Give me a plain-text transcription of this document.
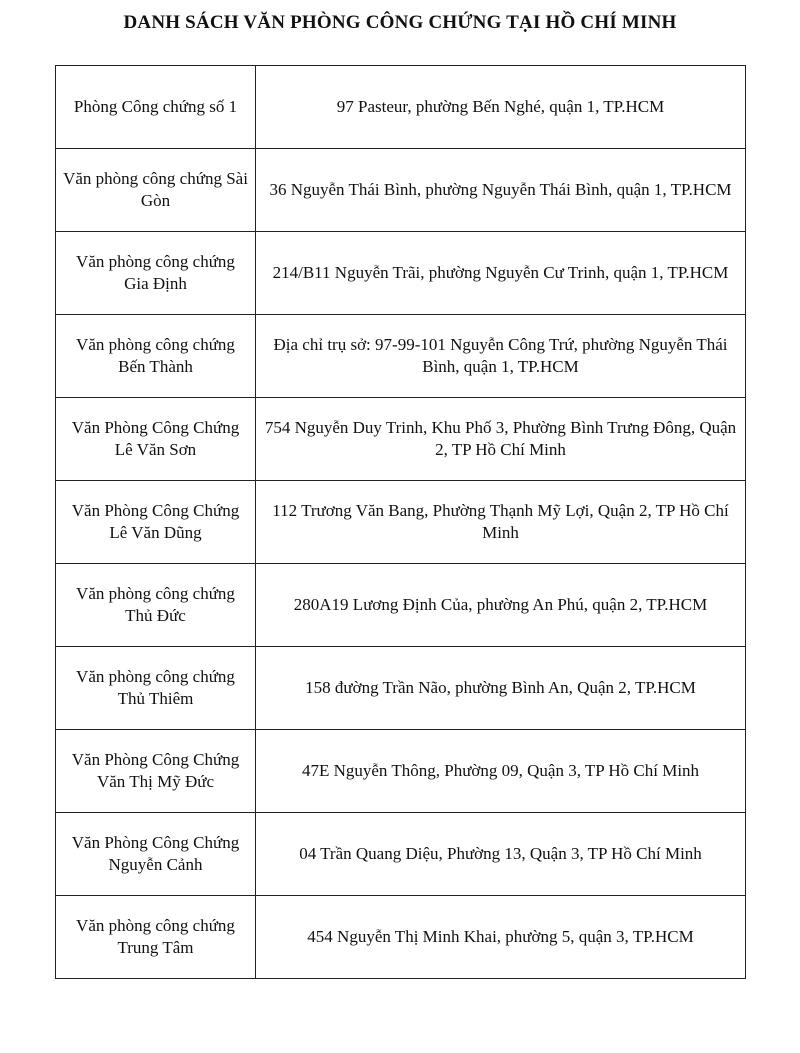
DANH SÁCH VĂN PHÒNG CÔNG CHỨNG TẠI HỒ CHÍ MINH
Phòng Công chứng số 1	97 Pasteur, phường Bến Nghé, quận 1, TP.HCM
Văn phòng công chứng Sài Gòn	36 Nguyễn Thái Bình, phường Nguyễn Thái Bình, quận 1, TP.HCM
Văn phòng công chứng Gia Định	214/B11 Nguyễn Trãi, phường Nguyễn Cư Trinh, quận 1, TP.HCM
Văn phòng công chứng Bến Thành	Địa chỉ trụ sở: 97-99-101 Nguyễn Công Trứ, phường Nguyễn Thái Bình, quận 1, TP.HCM
Văn Phòng Công Chứng Lê Văn Sơn	754 Nguyễn Duy Trinh, Khu Phố 3, Phường Bình Trưng Đông, Quận 2, TP Hồ Chí Minh
Văn Phòng Công Chứng Lê Văn Dũng	112 Trương Văn Bang, Phường Thạnh Mỹ Lợi, Quận 2, TP Hồ Chí Minh
Văn phòng công chứng Thủ Đức	280A19 Lương Định Của, phường An Phú, quận 2, TP.HCM
Văn phòng công chứng Thủ Thiêm	158 đường Trần Não, phường Bình An, Quận 2, TP.HCM
Văn Phòng Công Chứng Văn Thị Mỹ Đức	47E Nguyễn Thông, Phường 09, Quận 3, TP Hồ Chí Minh
Văn Phòng Công Chứng Nguyễn Cảnh	04 Trần Quang Diệu, Phường 13, Quận 3, TP Hồ Chí Minh
Văn phòng công chứng Trung Tâm	454 Nguyễn Thị Minh Khai, phường 5, quận 3, TP.HCM
